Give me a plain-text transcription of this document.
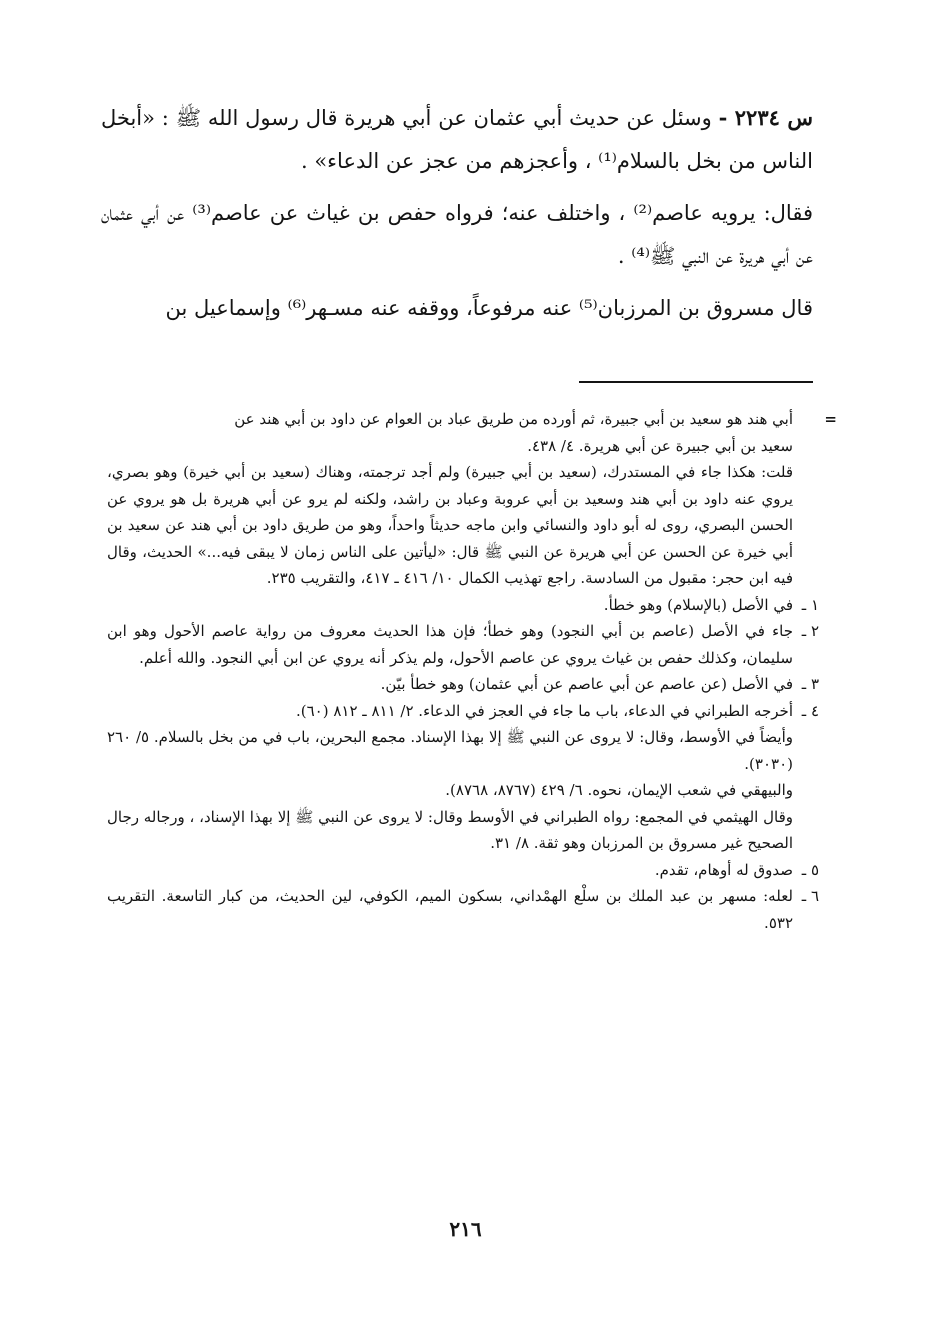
س ٢٢٣٤ - وسئل عن حديث أبي عثمان عن أبي هريرة قال رسول الله ﷺ : «أبخل الناس من بخل بالسلام⁽¹⁾ ، وأعجزهم من عجز عن الدعاء» .

فقال: يرويه عاصم⁽²⁾ ، واختلف عنه؛ فرواه حفص بن غياث عن عاصم⁽³⁾ عن أبي عثمان عن أبي هريرة عن النبي ﷺ⁽⁴⁾ .

قال مسروق بن المرزبان⁽⁵⁾ عنه مرفوعاً، ووقفه عنه مسـهر⁽⁶⁾ وإسماعيل بن

=
أبي هند هو سعيد بن أبي جبيرة، ثم أورده من طريق عباد بن العوام عن داود بن أبي هند عن

سعيد بن أبي جبيرة عن أبي هريرة. ٤/ ٤٣٨.

قلت: هكذا جاء في المستدرك، (سعيد بن أبي جبيرة) ولم أجد ترجمته، وهناك (سعيد بن أبي خيرة) وهو بصري، يروي عنه داود بن أبي هند وسعيد بن أبي عروبة وعباد بن راشد، ولكنه لم يرو عن أبي هريرة بل هو يروي عن الحسن البصري، روى له أبو داود والنسائي وابن ماجه حديثاً واحداً، وهو من طريق داود بن أبي هند عن سعيد بن أبي خيرة عن الحسن عن أبي هريرة عن النبي ﷺ قال: «ليأتين على الناس زمان لا يبقى فيه...» الحديث، وقال فيه ابن حجر: مقبول من السادسة. راجع تهذيب الكمال ١٠/ ٤١٦ ـ ٤١٧، والتقريب ٢٣٥.

١ ـ

في الأصل (بالإسلام) وهو خطأ.

٢ ـ

جاء في الأصل (عاصم بن أبي النجود) وهو خطأ؛ فإن هذا الحديث معروف من رواية عاصم الأحول وهو ابن سليمان، وكذلك حفص بن غياث يروي عن عاصم الأحول، ولم يذكر أنه يروي عن ابن أبي النجود. والله أعلم.

٣ ـ

في الأصل (عن عاصم عن أبي عاصم عن أبي عثمان) وهو خطأ بيّن.

٤ ـ

أخرجه الطبراني في الدعاء، باب ما جاء في العجز في الدعاء. ٢/ ٨١١ ـ ٨١٢ (٦٠).

وأيضاً في الأوسط، وقال: لا يروى عن النبي ﷺ إلا بهذا الإسناد. مجمع البحرين، باب في من بخل بالسلام. ٥/ ٢٦٠ (٣٠٣٠).

والبيهقي في شعب الإيمان، نحوه. ٦/ ٤٢٩ (٨٧٦٧، ٨٧٦٨).

وقال الهيثمي في المجمع: رواه الطبراني في الأوسط وقال: لا يروى عن النبي ﷺ إلا بهذا الإسناد، ، ورجاله رجال الصحيح غير مسروق بن المرزبان وهو ثقة. ٨/ ٣١.

٥ ـ

صدوق له أوهام، تقدم.

٦ ـ

لعله: مسهر بن عبد الملك بن سلْع الهمْداني، بسكون الميم، الكوفي، لين الحديث، من كبار التاسعة. التقريب ٥٣٢.

٢١٦
